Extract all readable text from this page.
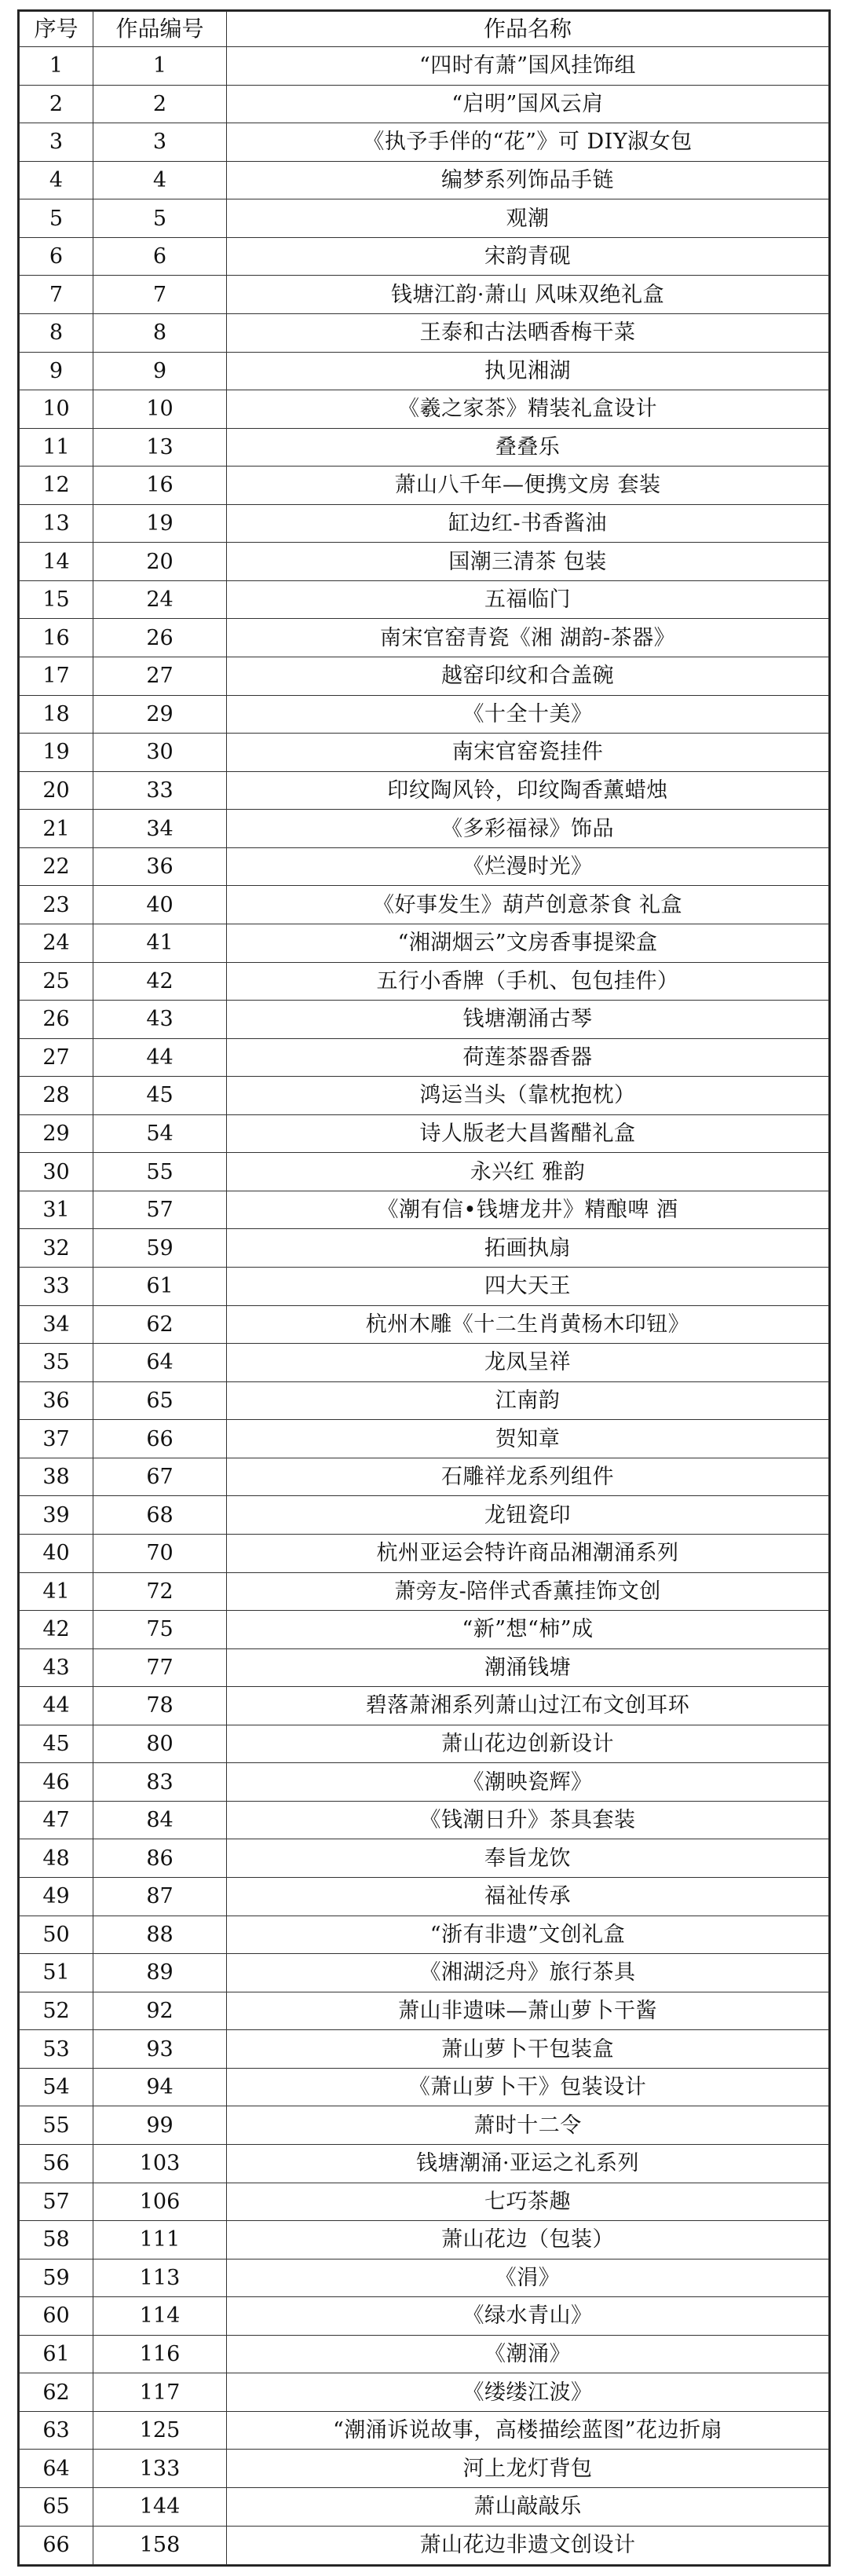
序号	作品编号	作品名称
1	1	“四时有萧”国风挂饰组
2	2	“启明”国风云肩
3	3	《执予手伴的“花”》可 DIY淑女包
4	4	编梦系列饰品手链
5	5	观潮
6	6	宋韵青砚
7	7	钱塘江韵·萧山 风味双绝礼盒
8	8	王泰和古法晒香梅干菜
9	9	执见湘湖
10	10	《羲之家茶》精装礼盒设计
11	13	叠叠乐
12	16	萧山八千年—便携文房 套装
13	19	缸边红-书香酱油
14	20	国潮三清茶 包装
15	24	五福临门
16	26	南宋官窑青瓷《湘 湖韵-茶器》
17	27	越窑印纹和合盖碗
18	29	《十全十美》
19	30	南宋官窑瓷挂件
20	33	印纹陶风铃，印纹陶香薰蜡烛
21	34	《多彩福禄》饰品
22	36	《烂漫时光》
23	40	《好事发生》葫芦创意茶食 礼盒
24	41	“湘湖烟云”文房香事提梁盒
25	42	五行小香牌（手机、包包挂件）
26	43	钱塘潮涌古琴
27	44	荷莲茶器香器
28	45	鸿运当头（靠枕抱枕）
29	54	诗人版老大昌酱醋礼盒
30	55	永兴红 雅韵
31	57	《潮有信•钱塘龙井》精酿啤 酒
32	59	拓画执扇
33	61	四大天王
34	62	杭州木雕《十二生肖黄杨木印钮》
35	64	龙凤呈祥
36	65	江南韵
37	66	贺知章
38	67	石雕祥龙系列组件
39	68	龙钮瓷印
40	70	杭州亚运会特许商品湘潮涌系列
41	72	萧旁友-陪伴式香薰挂饰文创
42	75	“新”想“柿”成
43	77	潮涌钱塘
44	78	碧落萧湘系列萧山过江布文创耳环
45	80	萧山花边创新设计
46	83	《潮映瓷辉》
47	84	《钱潮日升》茶具套装
48	86	奉旨龙饮
49	87	福祉传承
50	88	“浙有非遗”文创礼盒
51	89	《湘湖泛舟》旅行茶具
52	92	萧山非遗味—萧山萝卜干酱
53	93	萧山萝卜干包装盒
54	94	《萧山萝卜干》包装设计
55	99	萧时十二令
56	103	钱塘潮涌·亚运之礼系列
57	106	七巧茶趣
58	111	萧山花边（包装）
59	113	《涓》
60	114	《绿水青山》
61	116	《潮涌》
62	117	《缕缕江波》
63	125	“潮涌诉说故事，高楼描绘蓝图”花边折扇
64	133	河上龙灯背包
65	144	萧山敲敲乐
66	158	萧山花边非遗文创设计
